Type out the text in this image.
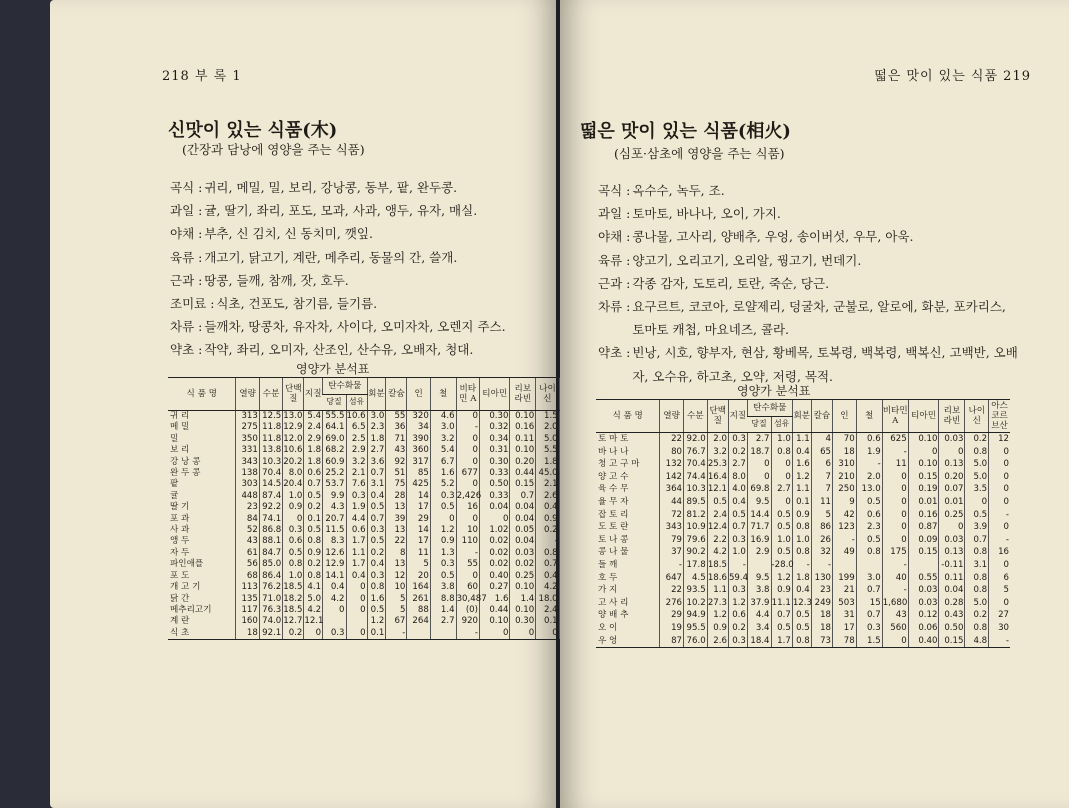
218 부 록 1
신맛이 있는 식품(木)
(간장과 담낭에 영양을 주는 식품)
곡식 : 귀리, 메밀, 밀, 보리, 강낭콩, 동부, 팥, 완두콩.
과일 : 귤, 딸기, 좌리, 포도, 모과, 사과, 앵두, 유자, 매실.
야채 : 부추, 신 김치, 신 동치미, 깻잎.
육류 : 개고기, 닭고기, 계란, 메추리, 동물의 간, 쓸개.
근과 : 땅콩, 들깨, 참깨, 잣, 호두.
조미료 : 식초, 건포도, 참기름, 들기름.
차류 : 들깨차, 땅콩차, 유자차, 사이다, 오미자차, 오렌지 주스.
약초 : 작약, 좌리, 오미자, 산조인, 산수유, 오배자, 청대.
영양가 분석표
식 품 명	열량	수분	단백질	지질	탄수화물		회분	칼슘	인	철	비타민 A	티아민	리보 라빈	나이 신	
					당질	섬유									
귀 리	313	12.5	13.0	5.4	55.5	10.6	3.0	55	320	4.6	0	0.30	0.10	1.5	
메 밀	275	11.8	12.9	2.4	64.1	6.5	2.3	36	34	3.0	-	0.32	0.16	2.0	
밀	350	11.8	12.0	2.9	69.0	2.5	1.8	71	390	3.2	0	0.34	0.11	5.0	
보 리	331	13.8	10.6	1.8	68.2	2.9	2.7	43	360	5.4	0	0.31	0.10	5.5	
강 낭 콩	343	10.3	20.2	1.8	60.9	3.2	3.6	92	317	6.7	0	0.30	0.20	1.8	
완 두 콩	138	70.4	8.0	0.6	25.2	2.1	0.7	51	85	1.6	677	0.33	0.44	45.0	
팥	303	14.5	20.4	0.7	53.7	7.6	3.1	75	425	5.2	0	0.50	0.15	2.1	
귤	448	87.4	1.0	0.5	9.9	0.3	0.4	28	14	0.3	2,426	0.33	0.7	2.6	
딸 기	23	92.2	0.9	0.2	4.3	1.9	0.5	13	17	0.5	16	0.04	0.04	0.4	
포 과	84	74.1	0	0.1	20.7	4.4	0.7	39	29	0	0	0	0.04	0.9	
사 과	52	86.8	0.3	0.5	11.5	0.6	0.3	13	14	1.2	10	1.02	0.05	0.2	
앵 두	43	88.1	0.6	0.8	8.3	1.7	0.5	22	17	0.9	110	0.02	0.04	-	
자 두	61	84.7	0.5	0.9	12.6	1.1	0.2	8	11	1.3	-	0.02	0.03	0.8	
파인애플	56	85.0	0.8	0.2	12.9	1.7	0.4	13	5	0.3	55	0.02	0.02	0.7	
포 도	68	86.4	1.0	0.8	14.1	0.4	0.3	12	20	0.5	0	0.40	0.25	0.4	
개 고 기	113	76.2	18.5	4.1	0.4	0	0.8	10	164	3.8	60	0.27	0.10	4.2	
닭 간	135	71.0	18.2	5.0	4.2	0	1.6	5	261	8.8	30,487	1.6	1.4	18.0	
메추리고기	117	76.3	18.5	4.2	0	0	0.5	5	88	1.4	(0)	0.44	0.10	2.4	
계 란	160	74.0	12.7	12.1			1.2	67	264	2.7	920	0.10	0.30	0.1	
식 초	18	92.1	0.2	0	0.3	0	0.1	-			-	0	0	0	
떫은 맛이 있는 식품 219
떫은 맛이 있는 식품(相火)
(심포·삼초에 영양을 주는 식품)
곡식 : 옥수수, 녹두, 조.
과일 : 토마토, 바나나, 오이, 가지.
야채 : 콩나물, 고사리, 양배추, 우엉, 송이버섯, 우무, 아욱.
육류 : 양고기, 오리고기, 오리알, 꿩고기, 번데기.
근과 : 각종 감자, 도토리, 토란, 죽순, 당근.
차류 : 요구르트, 코코아, 로얄제리, 덩굴차, 군불로, 알로에, 화분, 포카리스, 토마토 캐첩, 마요네즈, 콜라.
약초 : 빈낭, 시호, 향부자, 현삼, 황베목, 토복령, 백복령, 백복신, 고백반, 오배자, 오수유, 하고초, 오약, 저령, 목적.
영양가 분석표
식 품 명	열량	수분	단백질	지질	탄수화물		회분	칼슘	인	철	비타민 A	티아민	리보 라빈	나이 신	아스 코르 브산
					당질	섬유									
토 마 토	22	92.0	2.0	0.3	2.7	1.0	1.1	4	70	0.6	625	0.10	0.03	0.2	12
바 나 나	80	76.7	3.2	0.2	18.7	0.8	0.4	65	18	1.9	-	0	0	0.8	0
청 고 구 마	132	70.4	25.3	2.7	0	0	1.6	6	310	-	11	0.10	0.13	5.0	0
양 고 수	142	74.4	16.4	8.0	0	0	1.2	7	210	2.0	0	0.15	0.20	5.0	0
육 수 무	364	10.3	12.1	4.0	69.8	2.7	1.1	7	250	13.0	0	0.19	0.07	3.5	0
율 무 자	44	89.5	0.5	0.4	9.5	0	0.1	11	9	0.5	0	0.01	0.01	0	0
잡 토 리	72	81.2	2.4	0.5	14.4	0.5	0.9	5	42	0.6	0	0.16	0.25	0.5	-
도 토 란	343	10.9	12.4	0.7	71.7	0.5	0.8	86	123	2.3	0	0.87	0	3.9	0
토 나 콩	79	79.6	2.2	0.3	16.9	1.0	1.0	26	-	0.5	0	0.09	0.03	0.7	-
콩 나 물	37	90.2	4.2	1.0	2.9	0.5	0.8	32	49	0.8	175	0.15	0.13	0.8	16
들 깨	-	17.8	18.5	-		-28.0	-	-			-		-0.11	3.1	0
호 두	647	4.5	18.6	59.4	9.5	1.2	1.8	130	199	3.0	40	0.55	0.11	0.8	6
가 지	22	93.5	1.1	0.3	3.8	0.9	0.4	23	21	0.7	-	0.03	0.04	0.8	5
고 사 리	276	10.2	27.3	1.2	37.9	11.1	12.3	249	503	15	1,680	0.03	0.28	5.0	0
양 배 추	29	94.9	1.2	0.6	4.4	0.7	0.5	18	31	0.7	43	0.12	0.43	0.2	27
오 이	19	95.5	0.9	0.2	3.4	0.5	0.5	18	17	0.3	560	0.06	0.50	0.8	30
우 엉	87	76.0	2.6	0.3	18.4	1.7	0.8	73	78	1.5	0	0.40	0.15	4.8	-
